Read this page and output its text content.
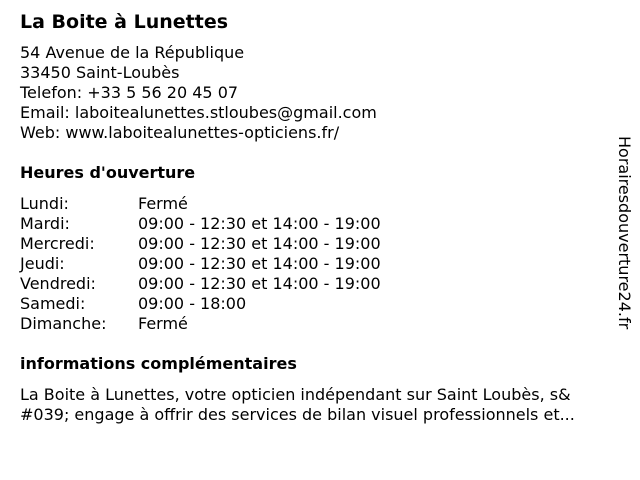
La Boite à Lunettes
54 Avenue de la République
33450 Saint-Loubès
Telefon: +33 5 56 20 45 07
Email: laboitealunettes.stloubes@gmail.com
Web: www.laboitealunettes-opticiens.fr/
Heures d'ouverture
Lundi:	Fermé
Mardi:	09:00 - 12:30 et 14:00 - 19:00
Mercredi:	09:00 - 12:30 et 14:00 - 19:00
Jeudi:	09:00 - 12:30 et 14:00 - 19:00
Vendredi:	09:00 - 12:30 et 14:00 - 19:00
Samedi:	09:00 - 18:00
Dimanche:	Fermé
informations complémentaires
La Boite à Lunettes, votre opticien indépendant sur Saint Loubès, s&
#039; engage à offrir des services de bilan visuel professionnels et...
Horairesdouverture24.fr
